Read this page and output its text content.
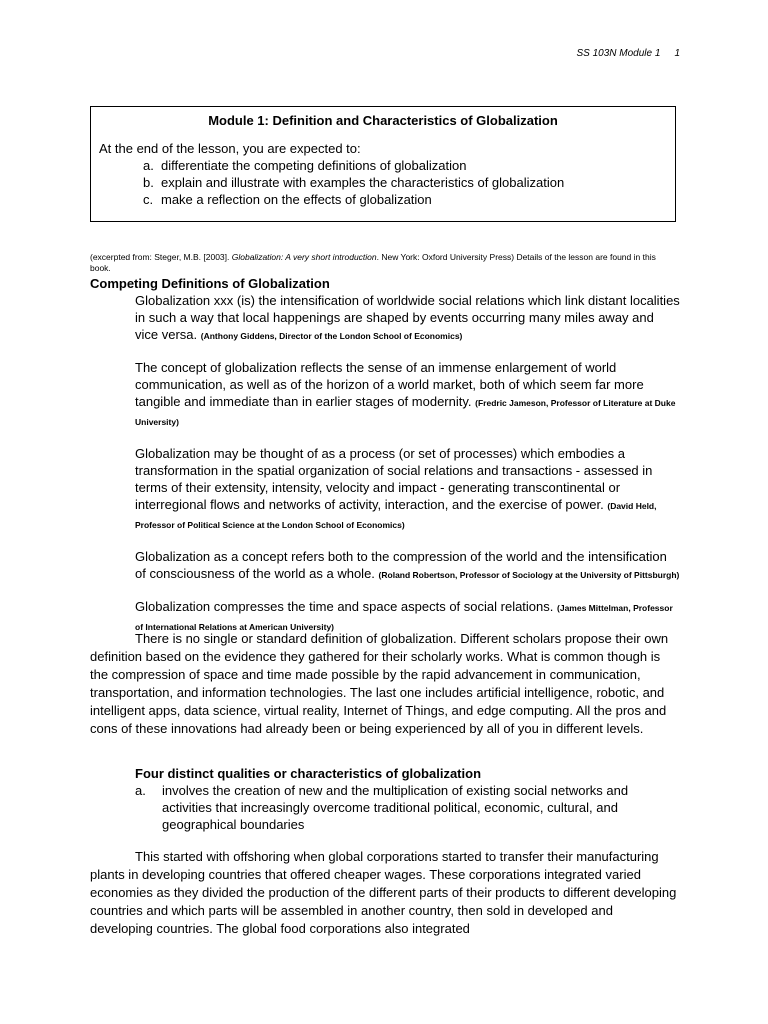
SS 103N Module 1 1
Module 1: Definition and Characteristics of Globalization
At the end of the lesson, you are expected to:
a. differentiate the competing definitions of globalization
b. explain and illustrate with examples the characteristics of globalization
c. make a reflection on the effects of globalization
(excerpted from: Steger, M.B. [2003]. Globalization: A very short introduction. New York: Oxford University Press) Details of the lesson are found in this book.
Competing Definitions of Globalization
Globalization xxx (is) the intensification of worldwide social relations which link distant localities in such a way that local happenings are shaped by events occurring many miles away and vice versa. (Anthony Giddens, Director of the London School of Economics)
The concept of globalization reflects the sense of an immense enlargement of world communication, as well as of the horizon of a world market, both of which seem far more tangible and immediate than in earlier stages of modernity. (Fredric Jameson, Professor of Literature at Duke University)
Globalization may be thought of as a process (or set of processes) which embodies a transformation in the spatial organization of social relations and transactions - assessed in terms of their extensity, intensity, velocity and impact - generating transcontinental or interregional flows and networks of activity, interaction, and the exercise of power. (David Held, Professor of Political Science at the London School of Economics)
Globalization as a concept refers both to the compression of the world and the intensification of consciousness of the world as a whole. (Roland Robertson, Professor of Sociology at the University of Pittsburgh)
Globalization compresses the time and space aspects of social relations. (James Mittelman, Professor of International Relations at American University)

There is no single or standard definition of globalization. Different scholars propose their own definition based on the evidence they gathered for their scholarly works. What is common though is the compression of space and time made possible by the rapid advancement in communication, transportation, and information technologies. The last one includes artificial intelligence, robotic, and intelligent apps, data science, virtual reality, Internet of Things, and edge computing. All the pros and cons of these innovations had already been or being experienced by all of you in different levels.

Four distinct qualities or characteristics of globalization
a.	involves the creation of new and the multiplication of existing social networks and activities that increasingly overcome traditional political, economic, cultural, and geographical boundaries

This started with offshoring when global corporations started to transfer their manufacturing plants in developing countries that offered cheaper wages. These corporations integrated varied economies as they divided the production of the different parts of their products to different developing countries and which parts will be assembled in another country, then sold in developed and developing countries. The global food corporations also integrated
